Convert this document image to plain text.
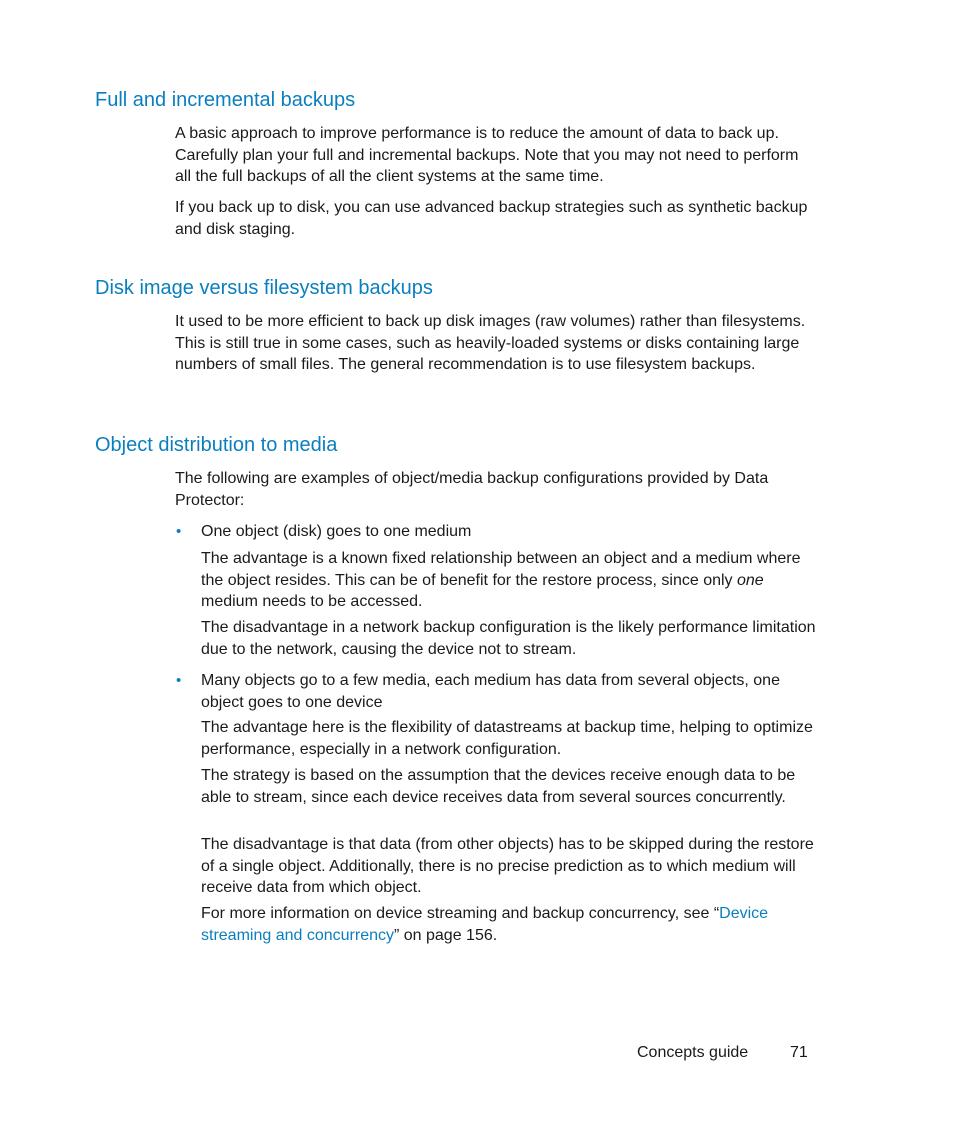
Full and incremental backups

A basic approach to improve performance is to reduce the amount of data to back up. Carefully plan your full and incremental backups. Note that you may not need to perform all the full backups of all the client systems at the same time.

If you back up to disk, you can use advanced backup strategies such as synthetic backup and disk staging.

Disk image versus filesystem backups

It used to be more efficient to back up disk images (raw volumes) rather than filesystems. This is still true in some cases, such as heavily-loaded systems or disks containing large numbers of small files. The general recommendation is to use filesystem backups.

Object distribution to media

The following are examples of object/media backup configurations provided by Data Protector:

• One object (disk) goes to one medium

The advantage is a known fixed relationship between an object and a medium where the object resides. This can be of benefit for the restore process, since only one medium needs to be accessed.

The disadvantage in a network backup configuration is the likely performance limitation due to the network, causing the device not to stream.

• Many objects go to a few media, each medium has data from several objects, one object goes to one device

The advantage here is the flexibility of datastreams at backup time, helping to optimize performance, especially in a network configuration.

The strategy is based on the assumption that the devices receive enough data to be able to stream, since each device receives data from several sources concurrently.

The disadvantage is that data (from other objects) has to be skipped during the restore of a single object. Additionally, there is no precise prediction as to which medium will receive data from which object.

For more information on device streaming and backup concurrency, see “Device streaming and concurrency” on page 156.

Concepts guide	71
